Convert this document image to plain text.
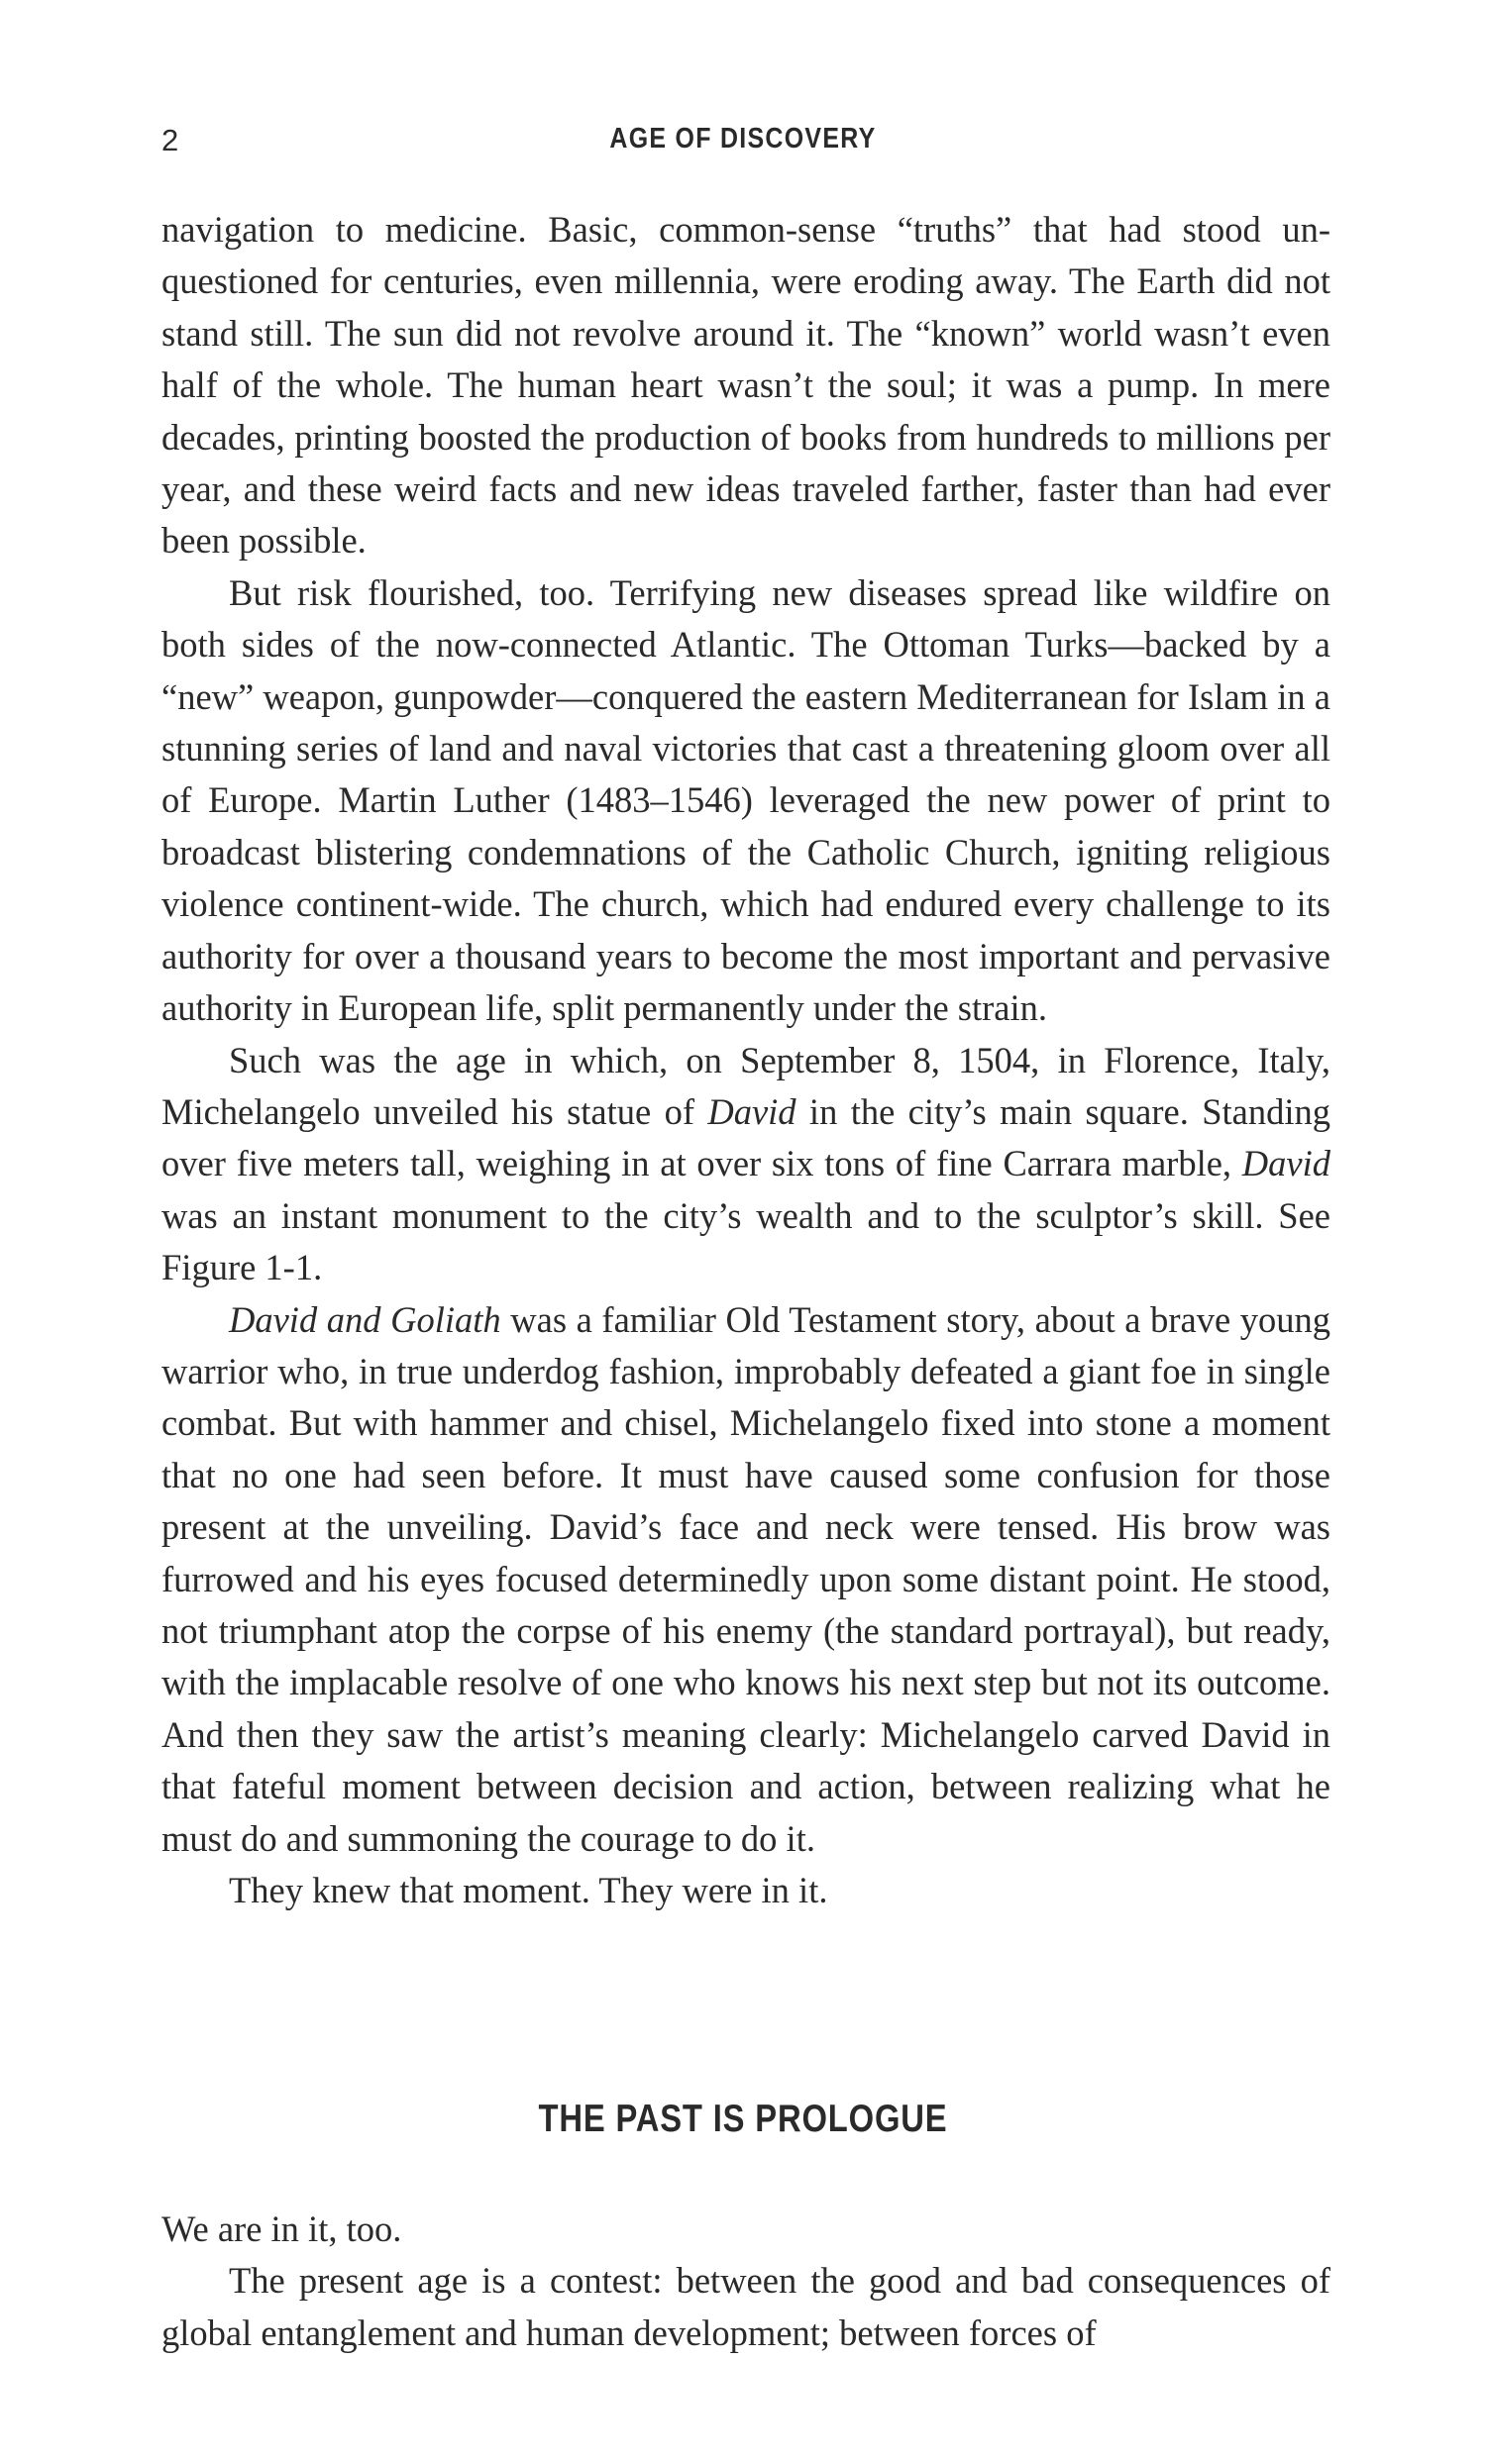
2	AGE OF DISCOVERY

navigation to medicine. Basic, common-sense “truths” that had stood unquestioned for centuries, even millennia, were eroding away. The Earth did not stand still. The sun did not revolve around it. The “known” world wasn’t even half of the whole. The human heart wasn’t the soul; it was a pump. In mere decades, printing boosted the production of books from hundreds to millions per year, and these weird facts and new ideas traveled farther, faster than had ever been possible.

But risk flourished, too. Terrifying new diseases spread like wildfire on both sides of the now-connected Atlantic. The Ottoman Turks—backed by a “new” weapon, gunpowder—conquered the eastern Mediterranean for Islam in a stunning series of land and naval victories that cast a threatening gloom over all of Europe. Martin Luther (1483–1546) leveraged the new power of print to broadcast blistering condemnations of the Catholic Church, igniting religious violence continent-wide. The church, which had endured every challenge to its authority for over a thousand years to become the most important and pervasive authority in European life, split permanently under the strain.

Such was the age in which, on September 8, 1504, in Florence, Italy, Michelangelo unveiled his statue of David in the city’s main square. Standing over five meters tall, weighing in at over six tons of fine Carrara marble, David was an instant monument to the city’s wealth and to the sculptor’s skill. See Figure 1-1.

David and Goliath was a familiar Old Testament story, about a brave young warrior who, in true underdog fashion, improbably defeated a giant foe in single combat. But with hammer and chisel, Michelangelo fixed into stone a moment that no one had seen before. It must have caused some confusion for those present at the unveiling. David’s face and neck were tensed. His brow was furrowed and his eyes focused determinedly upon some distant point. He stood, not triumphant atop the corpse of his enemy (the standard portrayal), but ready, with the implacable resolve of one who knows his next step but not its outcome. And then they saw the artist’s meaning clearly: Michelangelo carved David in that fateful moment between decision and action, between realizing what he must do and summoning the courage to do it.

They knew that moment. They were in it.

THE PAST IS PROLOGUE

We are in it, too.

The present age is a contest: between the good and bad consequences of global entanglement and human development; between forces of
